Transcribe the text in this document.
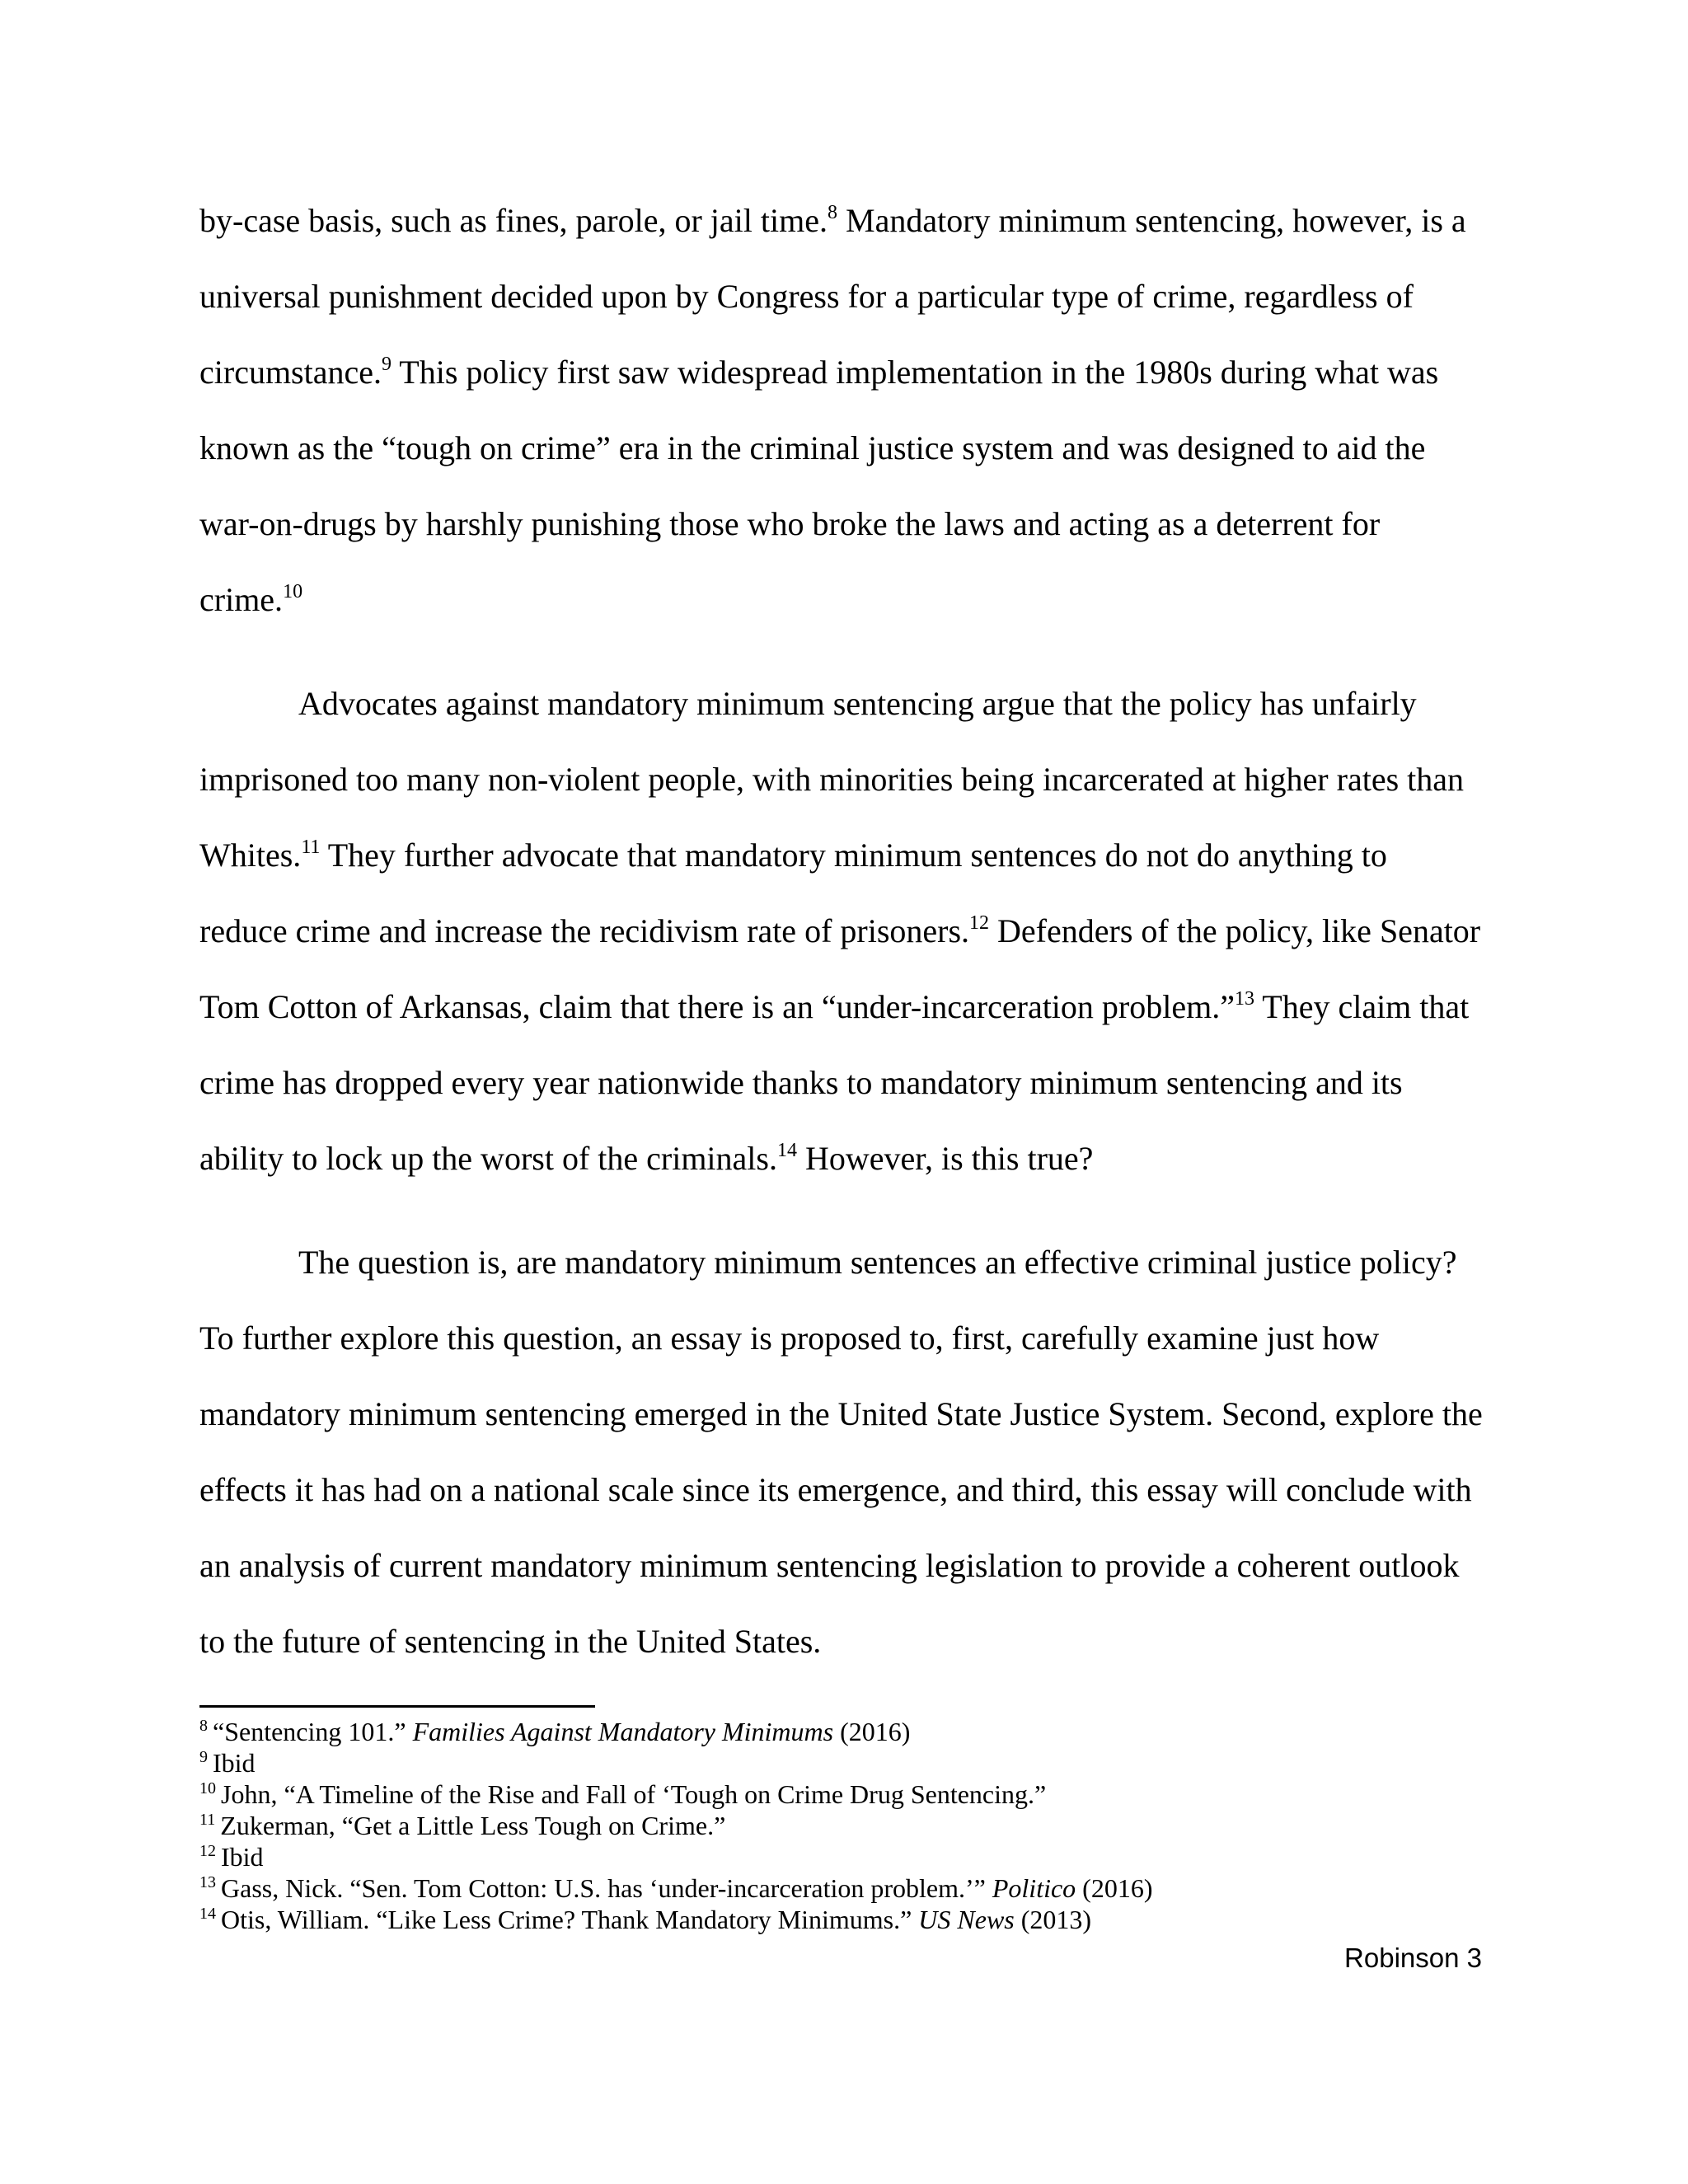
by-case basis, such as fines, parole, or jail time.$^8$ Mandatory minimum sentencing, however, is a
universal punishment decided upon by Congress for a particular type of crime, regardless of
circumstance.$^9$ This policy first saw widespread implementation in the 1980s during what was
known as the “tough on crime” era in the criminal justice system and was designed to aid the
war-on-drugs by harshly punishing those who broke the laws and acting as a deterrent for
crime.$^{10}$
Advocates against mandatory minimum sentencing argue that the policy has unfairly
imprisoned too many non-violent people, with minorities being incarcerated at higher rates than
Whites.$^{11}$ They further advocate that mandatory minimum sentences do not do anything to
reduce crime and increase the recidivism rate of prisoners.$^{12}$ Defenders of the policy, like Senator
Tom Cotton of Arkansas, claim that there is an “under-incarceration problem.”$^{13}$ They claim that
crime has dropped every year nationwide thanks to mandatory minimum sentencing and its
ability to lock up the worst of the criminals.$^{14}$ However, is this true?
The question is, are mandatory minimum sentences an effective criminal justice policy?
To further explore this question, an essay is proposed to, first, carefully examine just how
mandatory minimum sentencing emerged in the United State Justice System. Second, explore the
effects it has had on a national scale since its emergence, and third, this essay will conclude with
an analysis of current mandatory minimum sentencing legislation to provide a coherent outlook
to the future of sentencing in the United States.
$^8$ “Sentencing 101.” Families Against Mandatory Minimums (2016)
$^9$ Ibid
$^{10}$ John, “A Timeline of the Rise and Fall of ‘Tough on Crime Drug Sentencing.”
$^{11}$ Zukerman, “Get a Little Less Tough on Crime.”
$^{12}$ Ibid
$^{13}$ Gass, Nick. “Sen. Tom Cotton: U.S. has ‘under-incarceration problem.’” Politico (2016)
$^{14}$ Otis, William. “Like Less Crime? Thank Mandatory Minimums.” US News (2013)
Robinson 3
